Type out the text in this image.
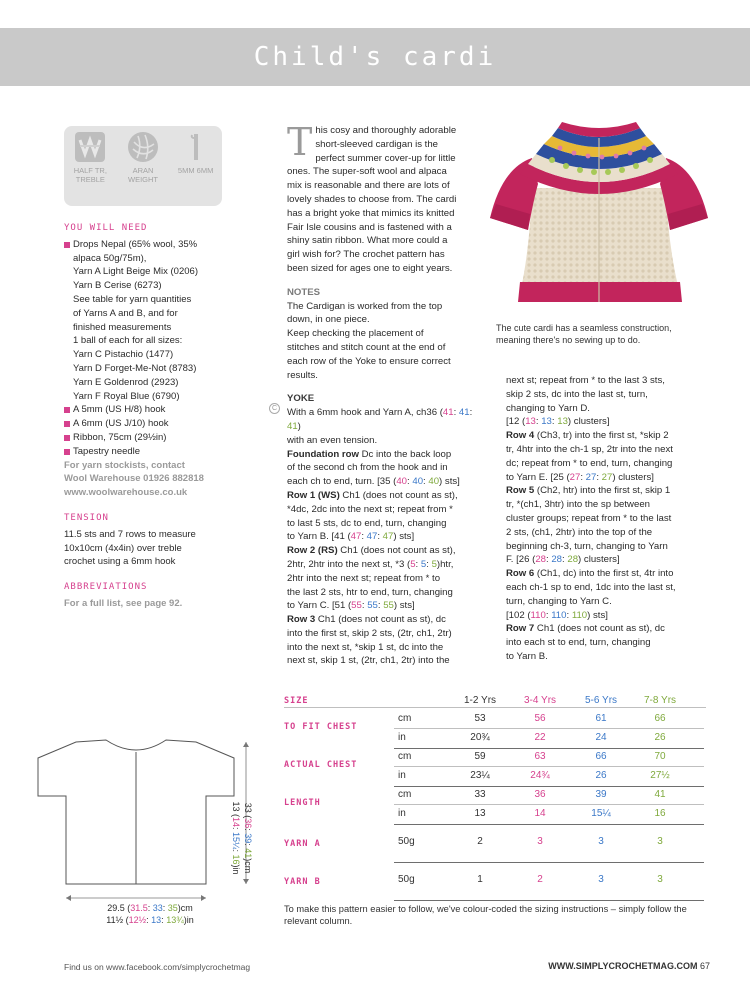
Child's cardi
HALF TR, TREBLE
ARAN WEIGHT
5MM 6MM
YOU WILL NEED
Drops Nepal (65% wool, 35%
alpaca 50g/75m),
Yarn A Light Beige Mix (0206)
Yarn B Cerise (6273)
See table for yarn quantities
of Yarns A and B, and for
finished measurements
1 ball of each for all sizes:
Yarn C Pistachio (1477)
Yarn D Forget-Me-Not (8783)
Yarn E Goldenrod (2923)
Yarn F Royal Blue (6790)
A 5mm (US H/8) hook
A 6mm (US J/10) hook
Ribbon, 75cm (29½in)
Tapestry needle
For yarn stockists, contact
Wool Warehouse 01926 882818
www.woolwarehouse.co.uk
TENSION
11.5 sts and 7 rows to measure
10x10cm (4x4in) over treble
crochet using a 6mm hook
ABBREVIATIONS
For a full list, see page 92.
T his cosy and thoroughly adorable
short-sleeved cardigan is the
perfect summer cover-up for little
ones. The super-soft wool and alpaca
mix is reasonable and there are lots of
lovely shades to choose from. The cardi
has a bright yoke that mimics its knitted
Fair Isle cousins and is fastened with a
shiny satin ribbon. What more could a
girl wish for? The crochet pattern has
been sized for ages one to eight years.
NOTES
The Cardigan is worked from the top
down, in one piece.
Keep checking the placement of
stitches and stitch count at the end of
each row of the Yoke to ensure correct
results.
YOKE
With a 6mm hook and Yarn A, ch36 (41: 41: 41)
with an even tension.
Foundation row Dc into the back loop
of the second ch from the hook and in
each ch to end, turn. [35 (40: 40: 40) sts]
Row 1 (WS) Ch1 (does not count as st),
*4dc, 2dc into the next st; repeat from *
to last 5 sts, dc to end, turn, changing
to Yarn B. [41 (47: 47: 47) sts]
Row 2 (RS) Ch1 (does not count as st),
2htr, 2htr into the next st, *3 (5: 5: 5)htr,
2htr into the next st; repeat from * to
the last 2 sts, htr to end, turn, changing
to Yarn C. [51 (55: 55: 55) sts]
Row 3 Ch1 (does not count as st), dc
into the first st, skip 2 sts, (2tr, ch1, 2tr)
into the next st, *skip 1 st, dc into the
next st, skip 1 st, (2tr, ch1, 2tr) into the
C
The cute cardi has a seamless construction, meaning there's no sewing up to do.
next st; repeat from * to the last 3 sts,
skip 2 sts, dc into the last st, turn,
changing to Yarn D.
[12 (13: 13: 13) clusters]
Row 4 (Ch3, tr) into the first st, *skip 2
tr, 4htr into the ch-1 sp, 2tr into the next
dc; repeat from * to end, turn, changing
to Yarn E. [25 (27: 27: 27) clusters]
Row 5 (Ch2, htr) into the first st, skip 1
tr, *(ch1, 3htr) into the sp between
cluster groups; repeat from * to the last
2 sts, (ch1, 2htr) into the top of the
beginning ch-3, turn, changing to Yarn
F. [26 (28: 28: 28) clusters]
Row 6 (Ch1, dc) into the first st, 4tr into
each ch-1 sp to end, 1dc into the last st,
turn, changing to Yarn C.
[102 (110: 110: 110) sts]
Row 7 Ch1 (does not count as st), dc
into each st to end, turn, changing
to Yarn B.
SIZE	1-2 Yrs	3-4 Yrs	5-6 Yrs	7-8 Yrs
cm	53	56	61	66
in	20¾	22	24	26
TO FIT CHEST
cm	59	63	66	70
in	23¼	24¾	26	27½
ACTUAL CHEST
cm	33	36	39	41
in	13	14	15¼	16
LENGTH
50g	2	3	3	3
YARN A
50g	1	2	3	3
YARN B
29.5 (31.5: 33: 35)cm
11½ (12½: 13: 13¾)in
33 (36: 39: 41)cm
13 (14: 15¼: 16)in
To make this pattern easier to follow, we've colour-coded the sizing instructions – simply follow the relevant column.
Find us on www.facebook.com/simplycrochetmag	WWW.SIMPLYCROCHETMAG.COM 67
